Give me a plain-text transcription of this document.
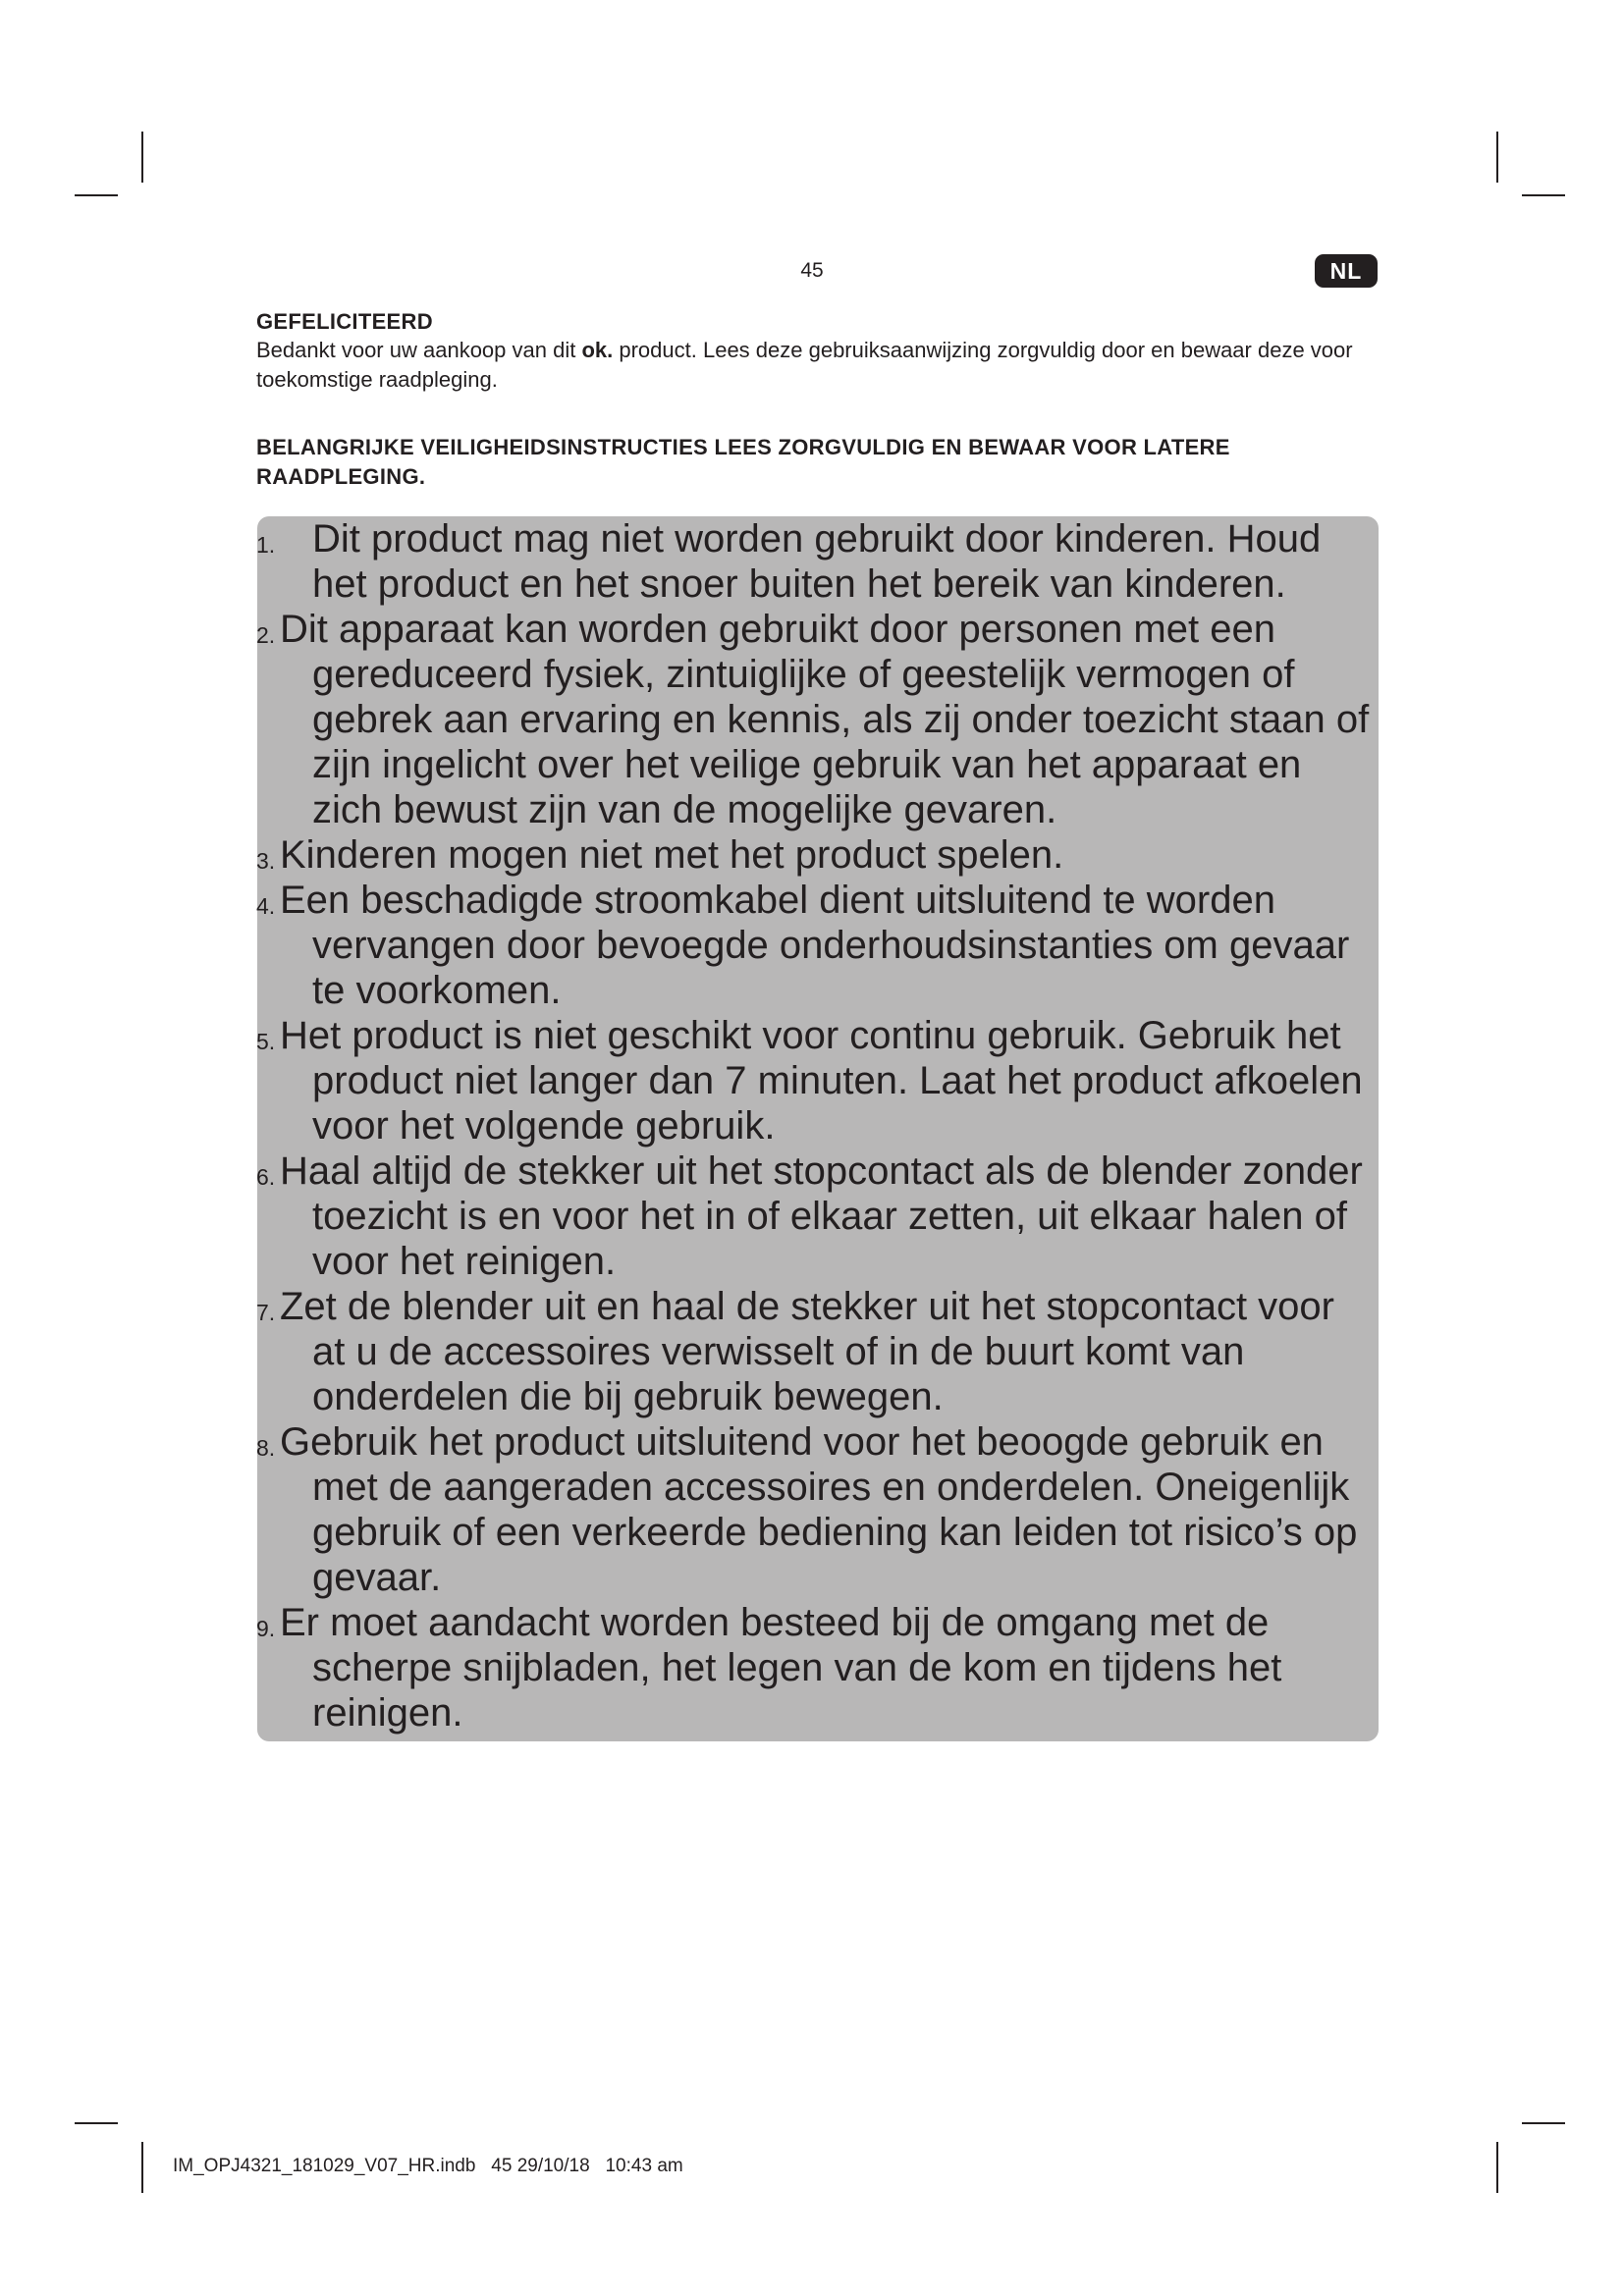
45	NL
GEFELICITEERD

Bedankt voor uw aankoop van dit ok. product. Lees deze gebruiksaanwijzing zorgvuldig door en bewaar deze voor toekomstige raadpleging.

BELANGRIJKE VEILIGHEIDSINSTRUCTIES LEES ZORGVULDIG EN BEWAAR VOOR LATERE RAADPLEGING.
1. Dit product mag niet worden gebruikt door kinderen. Houd het product en het snoer buiten het bereik van kinderen.

2. Dit apparaat kan worden gebruikt door personen met een gereduceerd fysiek, zintuiglijke of geestelijk vermogen of gebrek aan ervaring en kennis, als zij onder toezicht staan of zijn ingelicht over het veilige gebruik van het apparaat en zich bewust zijn van de mogelijke gevaren.

3. Kinderen mogen niet met het product spelen.

4. Een beschadigde stroomkabel dient uitsluitend te worden vervangen door bevoegde onderhoudsinstanties om gevaar te voorkomen.

5. Het product is niet geschikt voor continu gebruik. Gebruik het product niet langer dan 7 minuten. Laat het product afkoelen voor het volgende gebruik.

6. Haal altijd de stekker uit het stopcontact als de blender zonder toezicht is en voor het in of elkaar zetten, uit elkaar halen of voor het reinigen.

7. Zet de blender uit en haal de stekker uit het stopcontact voor at u de accessoires verwisselt of in de buurt komt van onderdelen die bij gebruik bewegen.

8. Gebruik het product uitsluitend voor het beoogde gebruik en met de aangeraden accessoires en onderdelen. Oneigenlijk gebruik of een verkeerde bediening kan leiden tot risico’s op gevaar.

9. Er moet aandacht worden besteed bij de omgang met de scherpe snijbladen, het legen van de kom en tijdens het reinigen.

IM_OPJ4321_181029_V07_HR.indb   45 29/10/18   10:43 am
